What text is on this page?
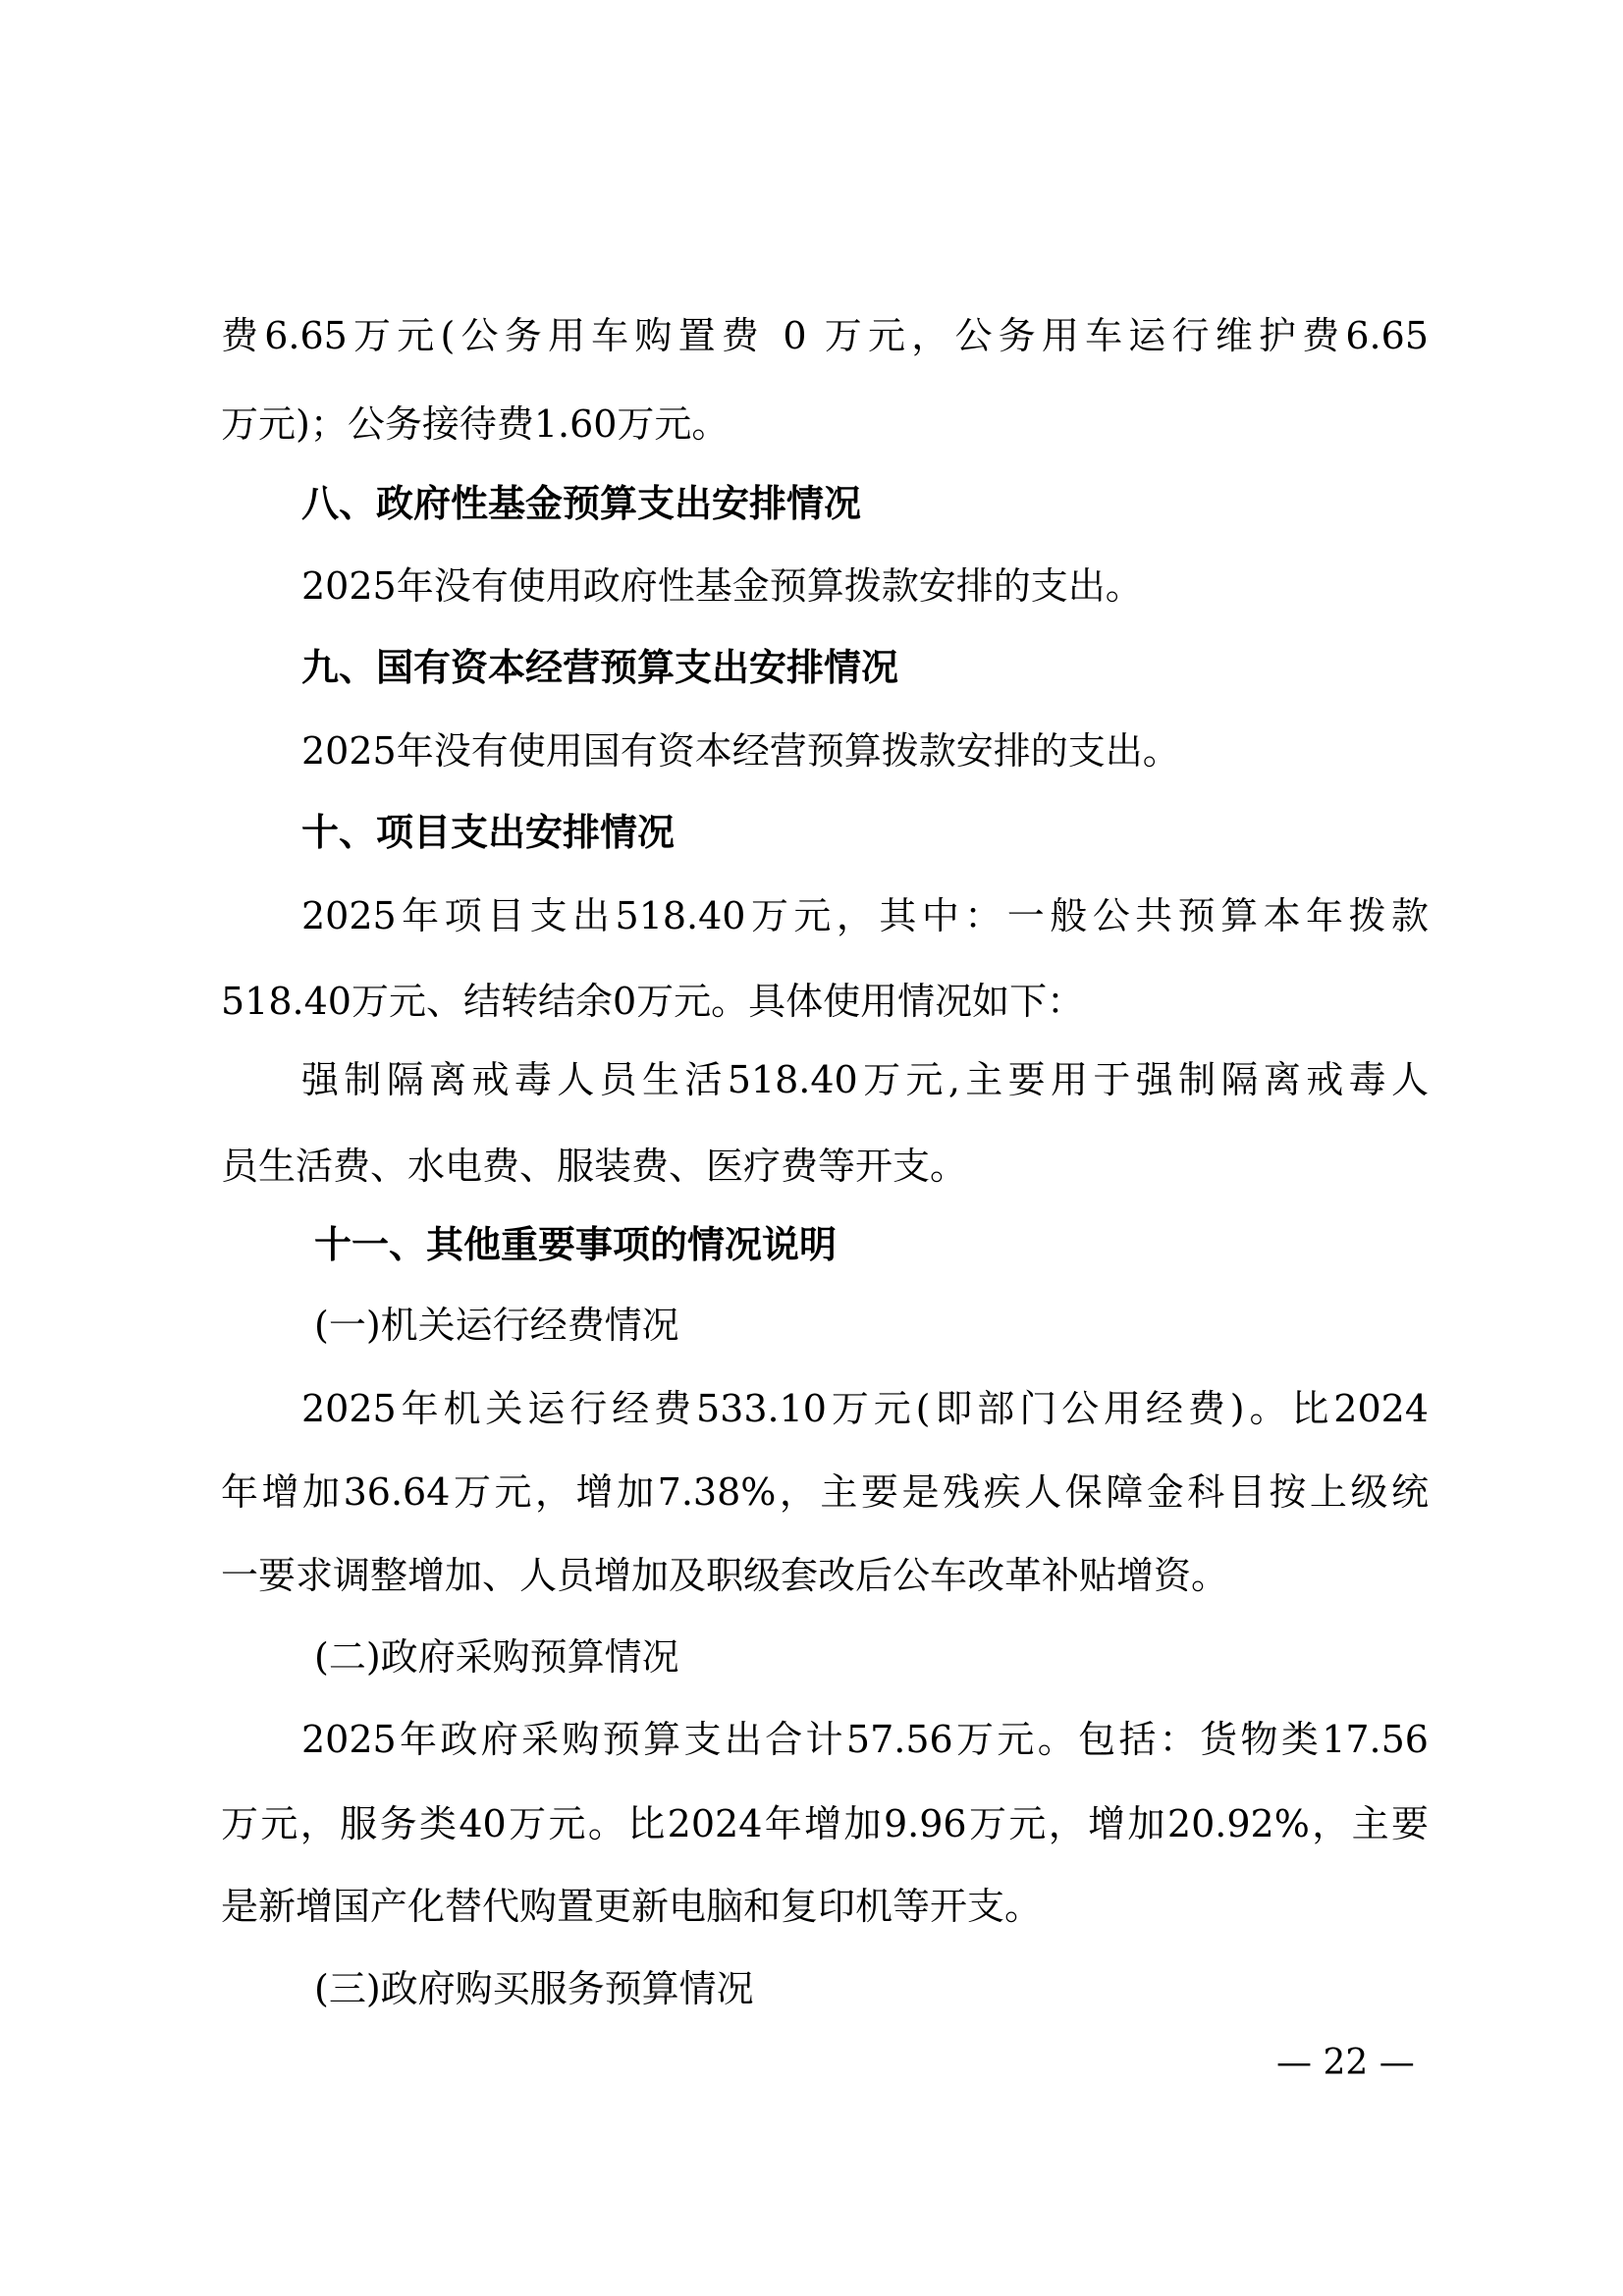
费6.65万元(公务用车购置费 0 万元，公务用车运行维护费6.65
万元)；公务接待费1.60万元。
八、政府性基金预算支出安排情况
2025年没有使用政府性基金预算拨款安排的支出。
九、国有资本经营预算支出安排情况
2025年没有使用国有资本经营预算拨款安排的支出。
十、项目支出安排情况
2025年项目支出518.40万元，其中：一般公共预算本年拨款
518.40万元、结转结余0万元。具体使用情况如下：
强制隔离戒毒人员生活518.40万元,主要用于强制隔离戒毒人
员生活费、水电费、服装费、医疗费等开支。
十一、其他重要事项的情况说明
(一)机关运行经费情况
2025年机关运行经费533.10万元(即部门公用经费)。比2024
年增加36.64万元，增加7.38%，主要是残疾人保障金科目按上级统
一要求调整增加、人员增加及职级套改后公车改革补贴增资。
(二)政府采购预算情况
2025年政府采购预算支出合计57.56万元。包括：货物类17.56
万元，服务类40万元。比2024年增加9.96万元，增加20.92%，主要
是新增国产化替代购置更新电脑和复印机等开支。
(三)政府购买服务预算情况
— 22 —
